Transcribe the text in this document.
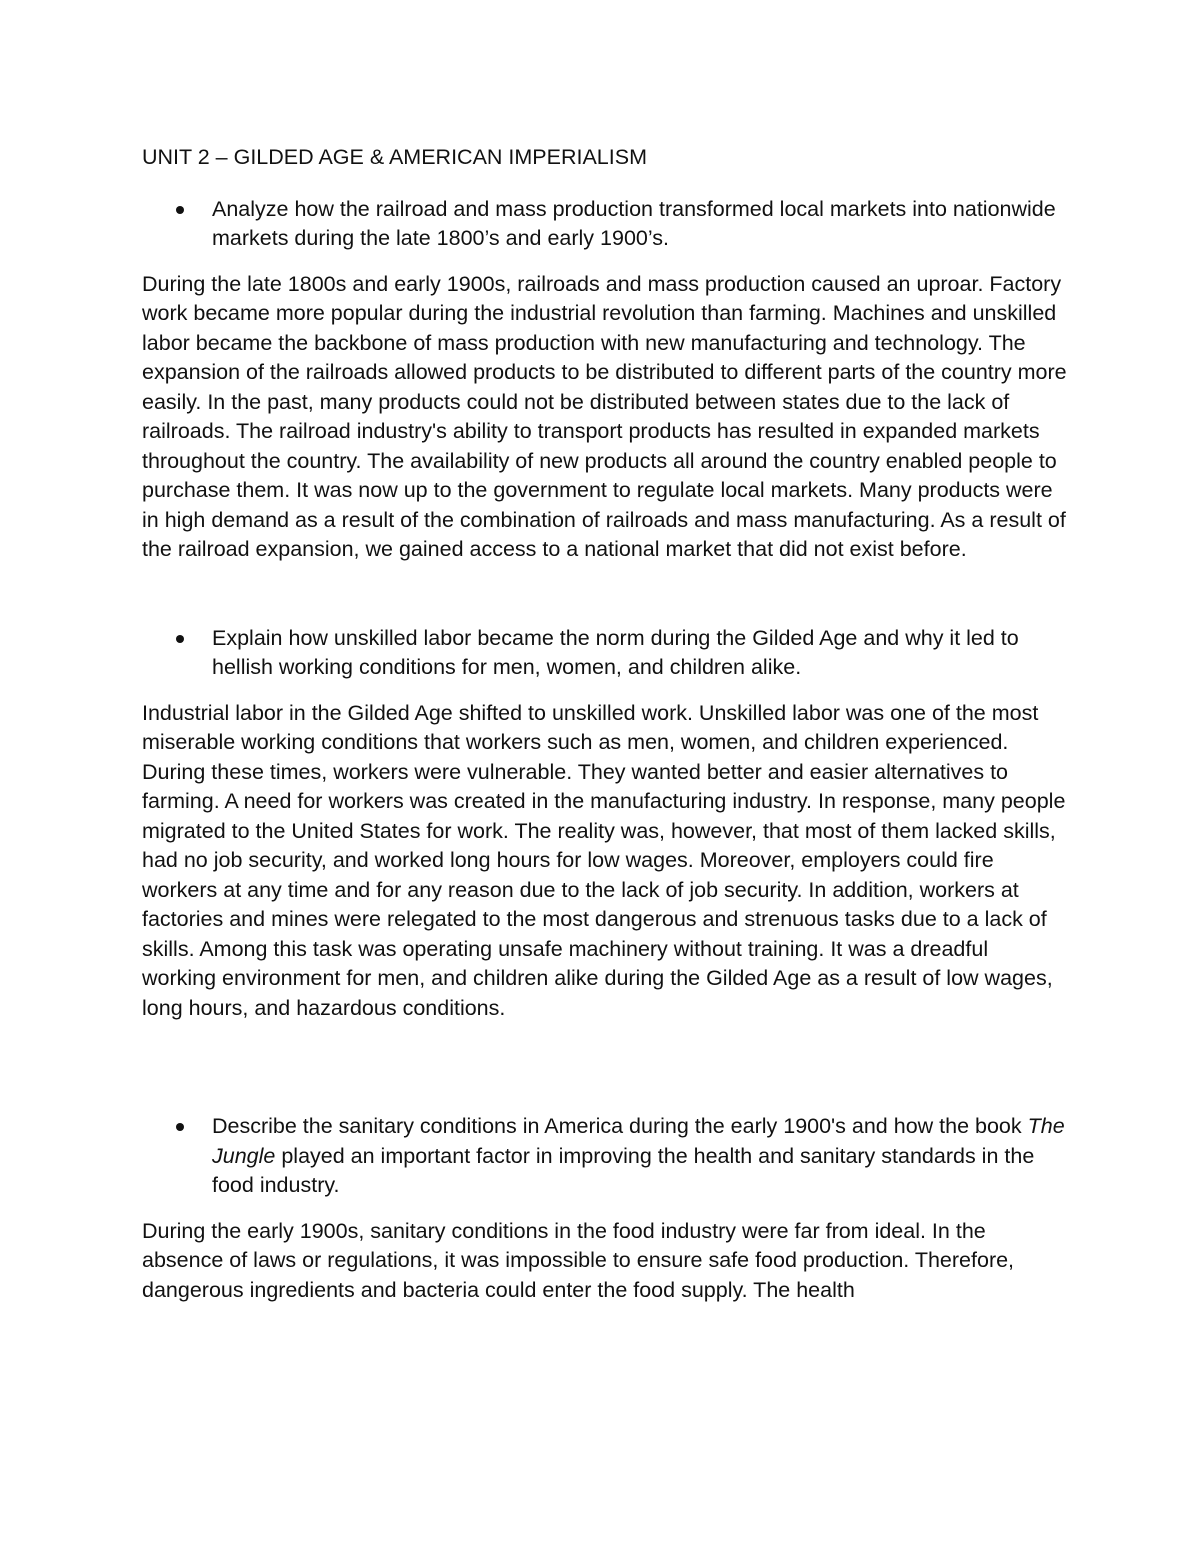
UNIT 2 – GILDED AGE & AMERICAN IMPERIALISM
Analyze how the railroad and mass production transformed local markets into nationwide markets during the late 1800’s and early 1900’s.

During the late 1800s and early 1900s, railroads and mass production caused an uproar. Factory work became more popular during the industrial revolution than farming. Machines and unskilled labor became the backbone of mass production with new manufacturing and technology. The expansion of the railroads allowed products to be distributed to different parts of the country more easily. In the past, many products could not be distributed between states due to the lack of railroads. The railroad industry's ability to transport products has resulted in expanded markets throughout the country. The availability of new products all around the country enabled people to purchase them. It was now up to the government to regulate local markets. Many products were in high demand as a result of the combination of railroads and mass manufacturing. As a result of the railroad expansion, we gained access to a national market that did not exist before.

Explain how unskilled labor became the norm during the Gilded Age and why it led to hellish working conditions for men, women, and children alike.

Industrial labor in the Gilded Age shifted to unskilled work. Unskilled labor was one of the most miserable working conditions that workers such as men, women, and children experienced. During these times, workers were vulnerable. They wanted better and easier alternatives to farming. A need for workers was created in the manufacturing industry. In response, many people migrated to the United States for work. The reality was, however, that most of them lacked skills, had no job security, and worked long hours for low wages. Moreover, employers could fire workers at any time and for any reason due to the lack of job security. In addition, workers at factories and mines were relegated to the most dangerous and strenuous tasks due to a lack of skills. Among this task was operating unsafe machinery without training. It was a dreadful working environment for men, and children alike during the Gilded Age as a result of low wages, long hours, and hazardous conditions.

Describe the sanitary conditions in America during the early 1900's and how the book The Jungle played an important factor in improving the health and sanitary standards in the food industry.

During the early 1900s, sanitary conditions in the food industry were far from ideal. In the absence of laws or regulations, it was impossible to ensure safe food production. Therefore, dangerous ingredients and bacteria could enter the food supply. The health
